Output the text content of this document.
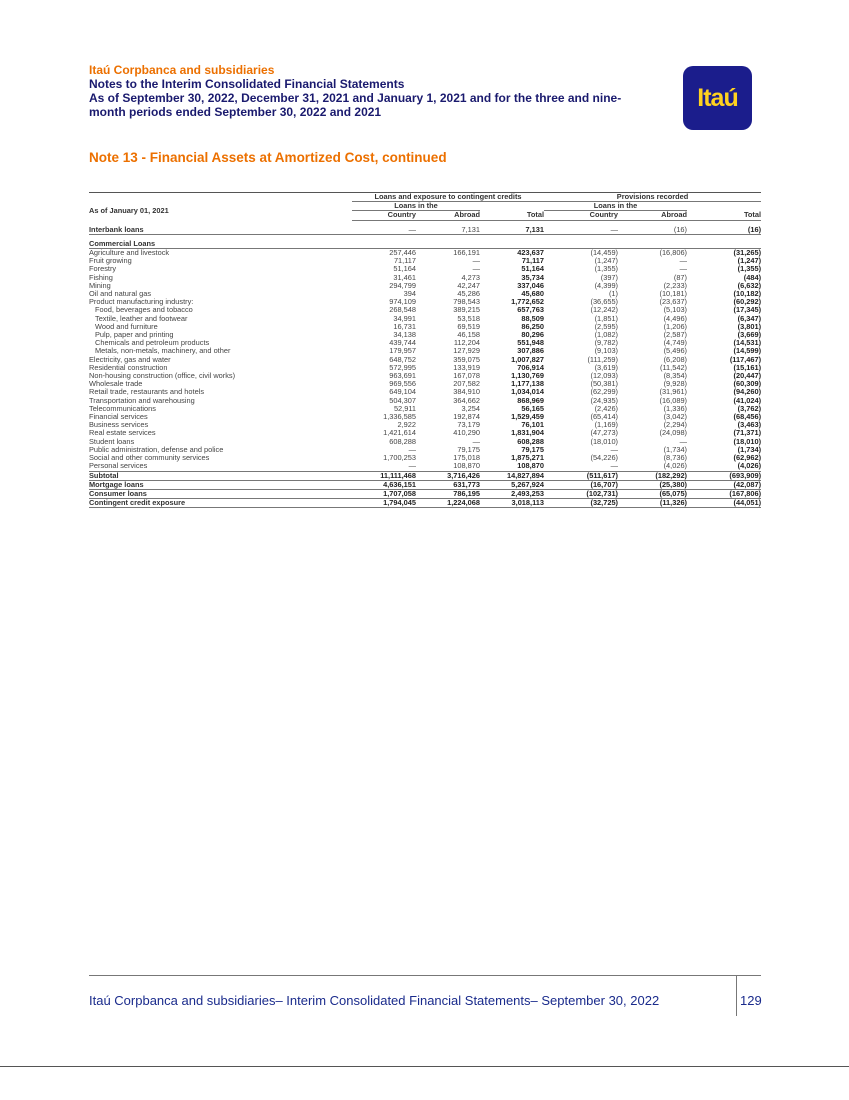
Itaú Corpbanca and subsidiaries
Notes to the Interim Consolidated Financial Statements
As of September 30, 2022, December 31, 2021 and January 1, 2021 and for the three and nine-
month periods ended September 30, 2022 and 2021
Itaú
Note 13 - Financial Assets at Amortized Cost, continued
	Loans and exposure to contingent credits			Provisions recorded		
As of January 01, 2021	Loans in the			Loans in the		
	Country	Abroad	Total	Country	Abroad	Total

Interbank loans	—	7,131	7,131	—	(16)	(16)

Commercial Loans						
Agriculture and livestock	257,446	166,191	423,637	(14,459)	(16,806)	(31,265)
Fruit growing	71,117	—	71,117	(1,247)	—	(1,247)
Forestry	51,164	—	51,164	(1,355)	—	(1,355)
Fishing	31,461	4,273	35,734	(397)	(87)	(484)
Mining	294,799	42,247	337,046	(4,399)	(2,233)	(6,632)
Oil and natural gas	394	45,286	45,680	(1)	(10,181)	(10,182)
Product manufacturing industry:	974,109	798,543	1,772,652	(36,655)	(23,637)	(60,292)
Food, beverages and tobacco	268,548	389,215	657,763	(12,242)	(5,103)	(17,345)
Textile, leather and footwear	34,991	53,518	88,509	(1,851)	(4,496)	(6,347)
Wood and furniture	16,731	69,519	86,250	(2,595)	(1,206)	(3,801)
Pulp, paper and printing	34,138	46,158	80,296	(1,082)	(2,587)	(3,669)
Chemicals and petroleum products	439,744	112,204	551,948	(9,782)	(4,749)	(14,531)
Metals, non-metals, machinery, and other	179,957	127,929	307,886	(9,103)	(5,496)	(14,599)
Electricity, gas and water	648,752	359,075	1,007,827	(111,259)	(6,208)	(117,467)
Residential construction	572,995	133,919	706,914	(3,619)	(11,542)	(15,161)
Non-housing construction (office, civil works)	963,691	167,078	1,130,769	(12,093)	(8,354)	(20,447)
Wholesale trade	969,556	207,582	1,177,138	(50,381)	(9,928)	(60,309)
Retail trade, restaurants and hotels	649,104	384,910	1,034,014	(62,299)	(31,961)	(94,260)
Transportation and warehousing	504,307	364,662	868,969	(24,935)	(16,089)	(41,024)
Telecommunications	52,911	3,254	56,165	(2,426)	(1,336)	(3,762)
Financial services	1,336,585	192,874	1,529,459	(65,414)	(3,042)	(68,456)
Business services	2,922	73,179	76,101	(1,169)	(2,294)	(3,463)
Real estate services	1,421,614	410,290	1,831,904	(47,273)	(24,098)	(71,371)
Student loans	608,288	—	608,288	(18,010)	—	(18,010)
Public administration, defense and police	—	79,175	79,175	—	(1,734)	(1,734)
Social and other community services	1,700,253	175,018	1,875,271	(54,226)	(8,736)	(62,962)
Personal services	—	108,870	108,870	—	(4,026)	(4,026)
Subtotal	11,111,468	3,716,426	14,827,894	(511,617)	(182,292)	(693,909)
Mortgage loans	4,636,151	631,773	5,267,924	(16,707)	(25,380)	(42,087)
Consumer loans	1,707,058	786,195	2,493,253	(102,731)	(65,075)	(167,806)
Contingent credit exposure	1,794,045	1,224,068	3,018,113	(32,725)	(11,326)	(44,051)
Itaú Corpbanca and subsidiaries– Interim Consolidated Financial Statements– September 30, 2022	129
